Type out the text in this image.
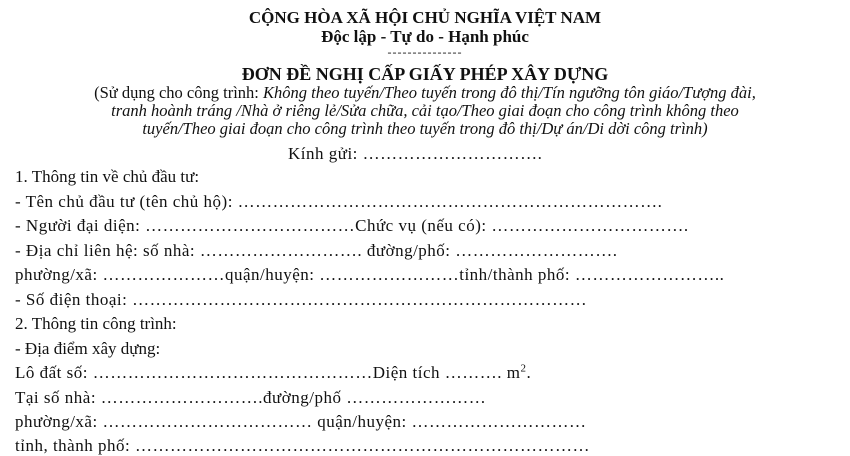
CỘNG HÒA XÃ HỘI CHỦ NGHĨA VIỆT NAM
Độc lập - Tự do - Hạnh phúc
---------------
ĐƠN ĐỀ NGHỊ CẤP GIẤY PHÉP XÂY DỰNG
(Sử dụng cho công trình: Không theo tuyến/Theo tuyến trong đô thị/Tín ngưỡng tôn giáo/Tượng đài,
tranh hoành tráng /Nhà ở riêng lẻ/Sửa chữa, cải tạo/Theo giai đoạn cho công trình không theo
tuyến/Theo giai đoạn cho công trình theo tuyến trong đô thị/Dự án/Di dời công trình)
Kính gửi: ………………………….
1. Thông tin về chủ đầu tư:
- Tên chủ đầu tư (tên chủ hộ): ……………………………………………………………….
- Người đại diện: ………………………………Chức vụ (nếu có): …………………………….
- Địa chỉ liên hệ: số nhà: ………………………. đường/phố: ……………………….
phường/xã: …………………quận/huyện: ……………………tỉnh/thành phố: ……………………..
- Số điện thoại: ……………………………………………………………………
2. Thông tin công trình:
- Địa điểm xây dựng:
Lô đất số: …………………………………………Diện tích ………. $m^2$.
Tại số nhà: ……………………….đường/phố ……………………
phường/xã: ……………………………… quận/huyện: …………………………
tỉnh, thành phố: ……………………………………………………………………
